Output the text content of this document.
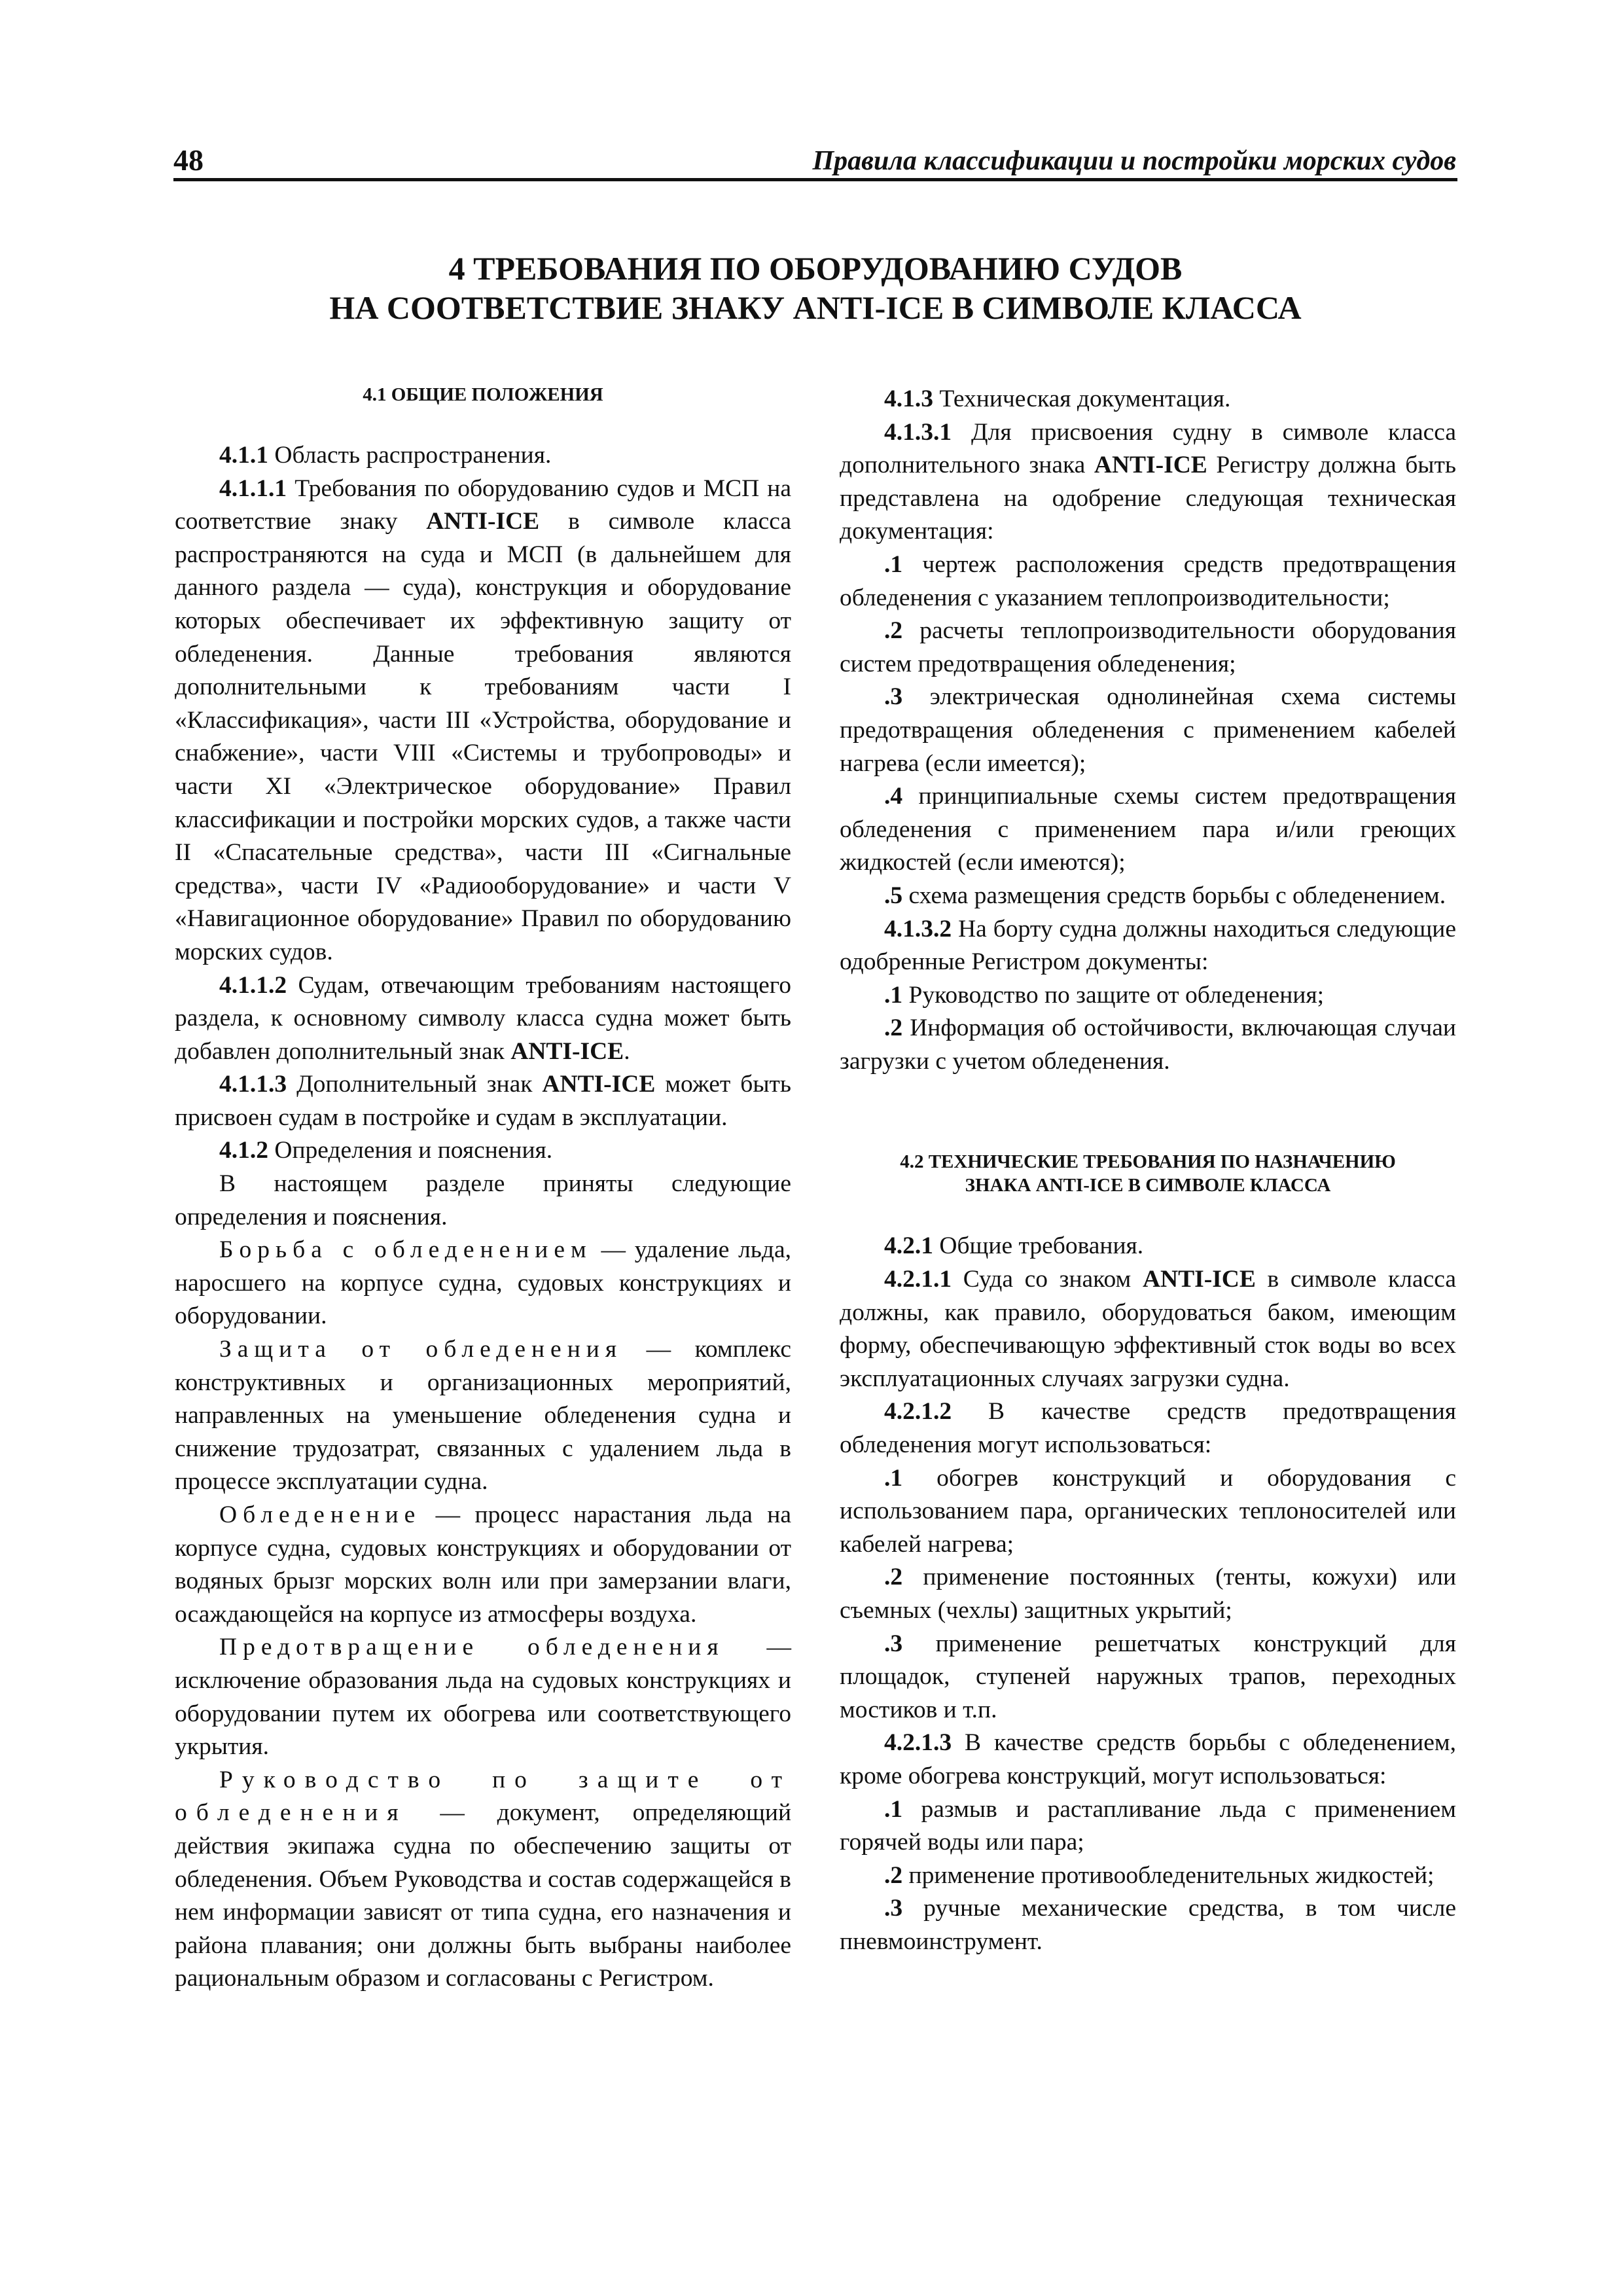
48	Правила классификации и постройки морских судов
4 ТРЕБОВАНИЯ ПО ОБОРУДОВАНИЮ СУДОВ
НА СООТВЕТСТВИЕ ЗНАКУ ANTI-ICE В СИМВОЛЕ КЛАССА

4.1 ОБЩИЕ ПОЛОЖЕНИЯ

4.1.1 Область распространения.

4.1.1.1 Требования по оборудованию судов и МСП на соответствие знаку ANTI-ICE в символе класса распространяются на суда и МСП (в дальнейшем для данного раздела — суда), конструкция и оборудование которых обеспечивает их эффективную защиту от обледенения. Данные требования являются дополнительными к требованиям части I «Классификация», части III «Устройства, оборудование и снабжение», части VIII «Системы и трубопроводы» и части XI «Электрическое оборудование» Правил классификации и постройки морских судов, а также части II «Спасательные средства», части III «Сигнальные средства», части IV «Радиооборудование» и части V «Навигационное оборудование» Правил по оборудованию морских судов.

4.1.1.2 Судам, отвечающим требованиям настоящего раздела, к основному символу класса судна может быть добавлен дополнительный знак ANTI-ICE.

4.1.1.3 Дополнительный знак ANTI-ICE может быть присвоен судам в постройке и судам в эксплуатации.

4.1.2 Определения и пояснения.

В настоящем разделе приняты следующие определения и пояснения.

Борьба с обледенением — удаление льда, наросшего на корпусе судна, судовых конструкциях и оборудовании.

Защита от обледенения — комплекс конструктивных и организационных мероприятий, направленных на уменьшение обледенения судна и снижение трудозатрат, связанных с удалением льда в процессе эксплуатации судна.

Обледенение — процесс нарастания льда на корпусе судна, судовых конструкциях и оборудовании от водяных брызг морских волн или при замерзании влаги, осаждающейся на корпусе из атмосферы воздуха.

Предотвращение обледенения — исключение образования льда на судовых конструкциях и оборудовании путем их обогрева или соответствующего укрытия.

Руководство по защите от обледенения — документ, определяющий действия экипажа судна по обеспечению защиты от обледенения. Объем Руководства и состав содержащейся в нем информации зависят от типа судна, его назначения и района плавания; они должны быть выбраны наиболее рациональным образом и согласованы с Регистром.

4.1.3 Техническая документация.

4.1.3.1 Для присвоения судну в символе класса дополнительного знака ANTI-ICE Регистру должна быть представлена на одобрение следующая техническая документация:

.1 чертеж расположения средств предотвращения обледенения с указанием теплопроизводительности;

.2 расчеты теплопроизводительности оборудования систем предотвращения обледенения;

.3 электрическая однолинейная схема системы предотвращения обледенения с применением кабелей нагрева (если имеется);

.4 принципиальные схемы систем предотвращения обледенения с применением пара и/или греющих жидкостей (если имеются);

.5 схема размещения средств борьбы с обледенением.

4.1.3.2 На борту судна должны находиться следующие одобренные Регистром документы:

.1 Руководство по защите от обледенения;

.2 Информация об остойчивости, включающая случаи загрузки с учетом обледенения.

4.2 ТЕХНИЧЕСКИЕ ТРЕБОВАНИЯ ПО НАЗНАЧЕНИЮ
ЗНАКА ANTI-ICE В СИМВОЛЕ КЛАССА

4.2.1 Общие требования.

4.2.1.1 Суда со знаком ANTI-ICE в символе класса должны, как правило, оборудоваться баком, имеющим форму, обеспечивающую эффективный сток воды во всех эксплуатационных случаях загрузки судна.

4.2.1.2 В качестве средств предотвращения обледенения могут использоваться:

.1 обогрев конструкций и оборудования с использованием пара, органических теплоносителей или кабелей нагрева;

.2 применение постоянных (тенты, кожухи) или съемных (чехлы) защитных укрытий;

.3 применение решетчатых конструкций для площадок, ступеней наружных трапов, переходных мостиков и т.п.

4.2.1.3 В качестве средств борьбы с обледенением, кроме обогрева конструкций, могут использоваться:

.1 размыв и растапливание льда с применением горячей воды или пара;

.2 применение противообледенительных жидкостей;

.3 ручные механические средства, в том числе пневмоинструмент.
